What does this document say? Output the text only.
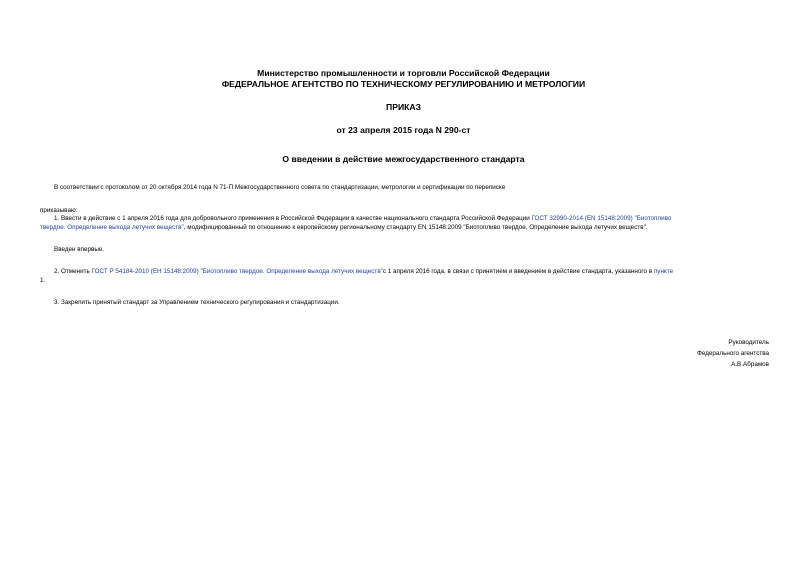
Министерство промышленности и торговли Российской Федерации
ФЕДЕРАЛЬНОЕ АГЕНТСТВО ПО ТЕХНИЧЕСКОМУ РЕГУЛИРОВАНИЮ И МЕТРОЛОГИИ
ПРИКАЗ
от 23 апреля 2015 года N 290-ст
О введении в действие межгосударственного стандарта
В соответствии с протоколом от 20 октября 2014 года N 71-П Межгосударственного совета по стандартизации, метрологии и сертификации по переписке
приказываю:
1. Ввести в действие с 1 апреля 2016 года для добровольного применения в Российской Федерации в качестве национального стандарта Российской Федерации ГОСТ 32990-2014 (EN 15148:2009) "Биотопливо
твердое. Определение выхода летучих веществ", модифицированный по отношению к европейскому региональному стандарту EN 15148:2009 "Биотопливо твердое. Определение выхода летучих веществ".
Введен впервые.
2. Отменить ГОСТ Р 54184-2010 (ЕН 15148:2009) "Биотопливо твердое. Определение выхода летучих веществ"с 1 апреля 2016 года, в связи с принятием и введением в действие стандарта, указанного в пункте
1.
3. Закрепить принятый стандарт за Управлением технического регулирования и стандартизации.
Руководитель
Федерального агентства
А.В.Абрамов
